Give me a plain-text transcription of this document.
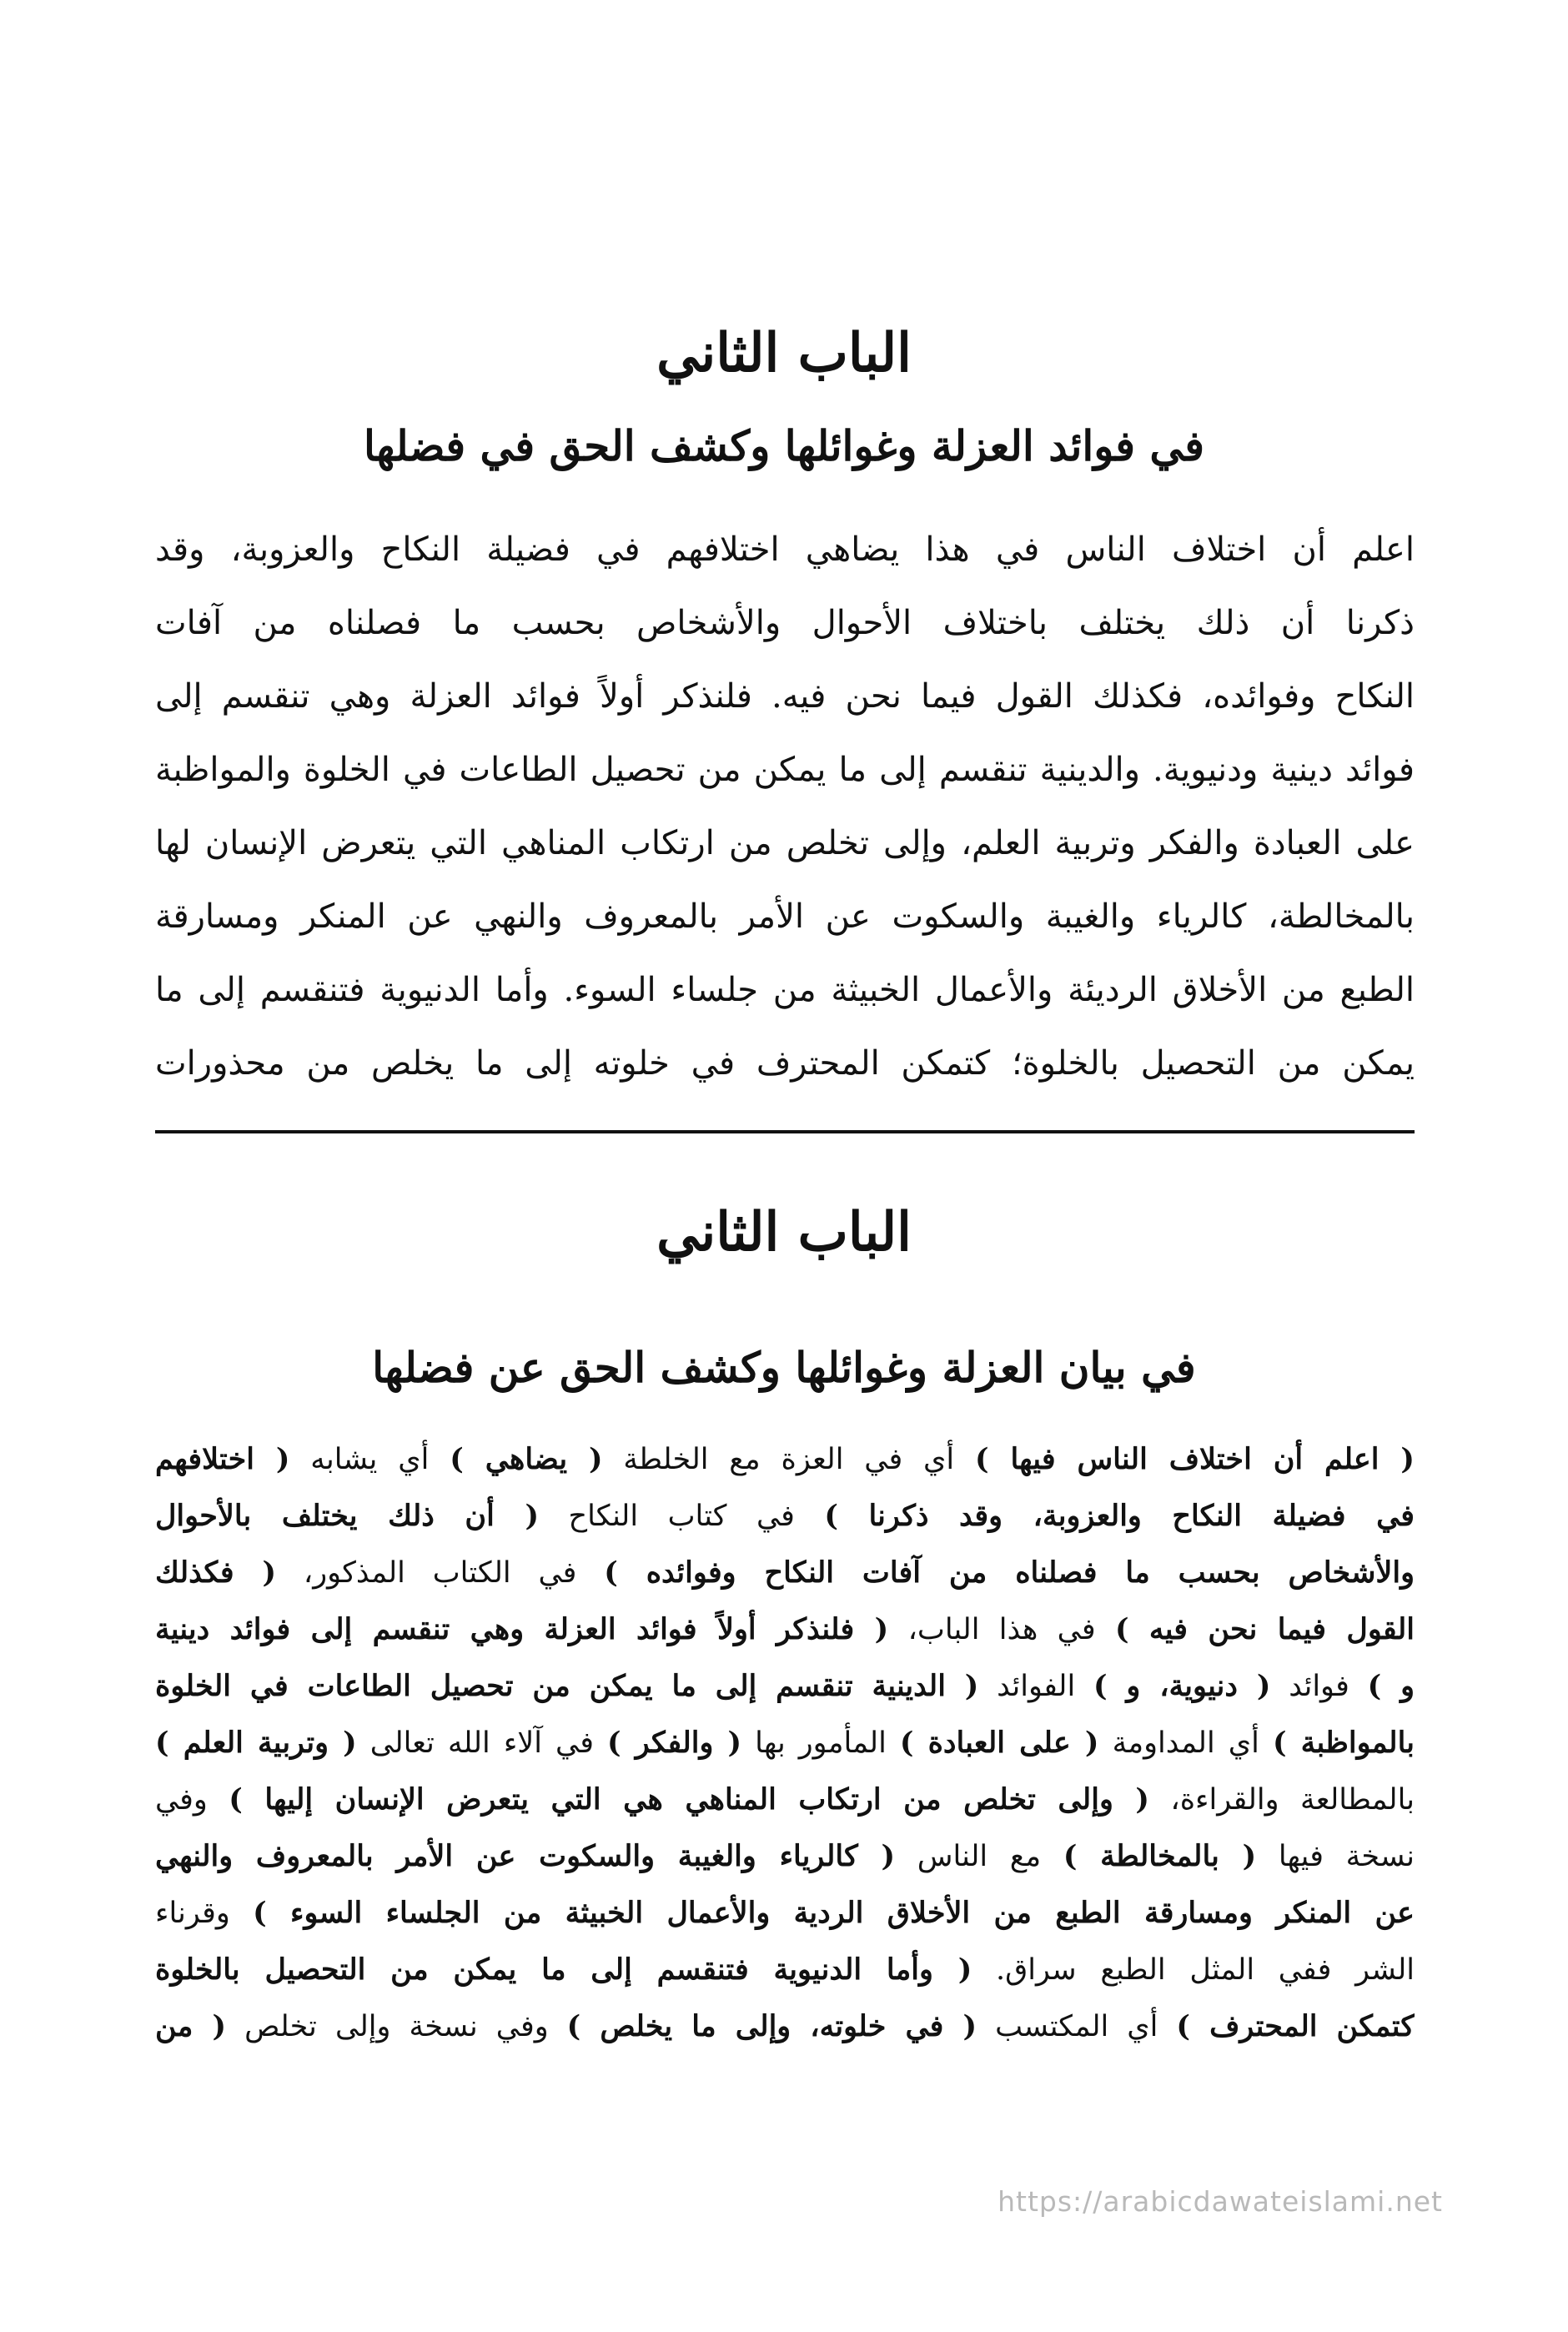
الباب الثاني
في فوائد العزلة وغوائلها وكشف الحق في فضلها
اعلم أن اختلاف الناس في هذا يضاهي اختلافهم في فضيلة النكاح والعزوبة، وقد
ذكرنا أن ذلك يختلف باختلاف الأحوال والأشخاص بحسب ما فصلناه من آفات
النكاح وفوائده، فكذلك القول فيما نحن فيه. فلنذكر أولاً فوائد العزلة وهي تنقسم إلى
فوائد دينية ودنيوية. والدينية تنقسم إلى ما يمكن من تحصيل الطاعات في الخلوة والمواظبة
على العبادة والفكر وتربية العلم، وإلى تخلص من ارتكاب المناهي التي يتعرض الإنسان لها
بالمخالطة، كالرياء والغيبة والسكوت عن الأمر بالمعروف والنهي عن المنكر ومسارقة
الطبع من الأخلاق الرديئة والأعمال الخبيثة من جلساء السوء. وأما الدنيوية فتنقسم إلى ما
يمكن من التحصيل بالخلوة؛ كتمكن المحترف في خلوته إلى ما يخلص من محذورات
الباب الثاني
في بيان العزلة وغوائلها وكشف الحق عن فضلها
( اعلم أن اختلاف الناس فيها ) أي في العزة مع الخلطة ( يضاهي ) أي يشابه ( اختلافهم
في فضيلة النكاح والعزوبة، وقد ذكرنا ) في كتاب النكاح ( أن ذلك يختلف بالأحوال
والأشخاص بحسب ما فصلناه من آفات النكاح وفوائده ) في الكتاب المذكور، ( فكذلك
القول فيما نحن فيه ) في هذا الباب، ( فلنذكر أولاً فوائد العزلة وهي تنقسم إلى فوائد دينية
و ) فوائد ( دنيوية، و ) الفوائد ( الدينية تنقسم إلى ما يمكن من تحصيل الطاعات في الخلوة
بالمواظبة ) أي المداومة ( على العبادة ) المأمور بها ( والفكر ) في آلاء الله تعالى ( وتربية العلم )
بالمطالعة والقراءة، ( وإلى تخلص من ارتكاب المناهي هي التي يتعرض الإنسان إليها ) وفي
نسخة فيها ( بالمخالطة ) مع الناس ( كالرياء والغيبة والسكوت عن الأمر بالمعروف والنهي
عن المنكر ومسارقة الطبع من الأخلاق الردية والأعمال الخبيثة من الجلساء السوء ) وقرناء
الشر ففي المثل الطبع سراق. ( وأما الدنيوية فتنقسم إلى ما يمكن من التحصيل بالخلوة
كتمكن المحترف ) أي المكتسب ( في خلوته، وإلى ما يخلص ) وفي نسخة وإلى تخلص ( من
https://arabicdawateislami.net
